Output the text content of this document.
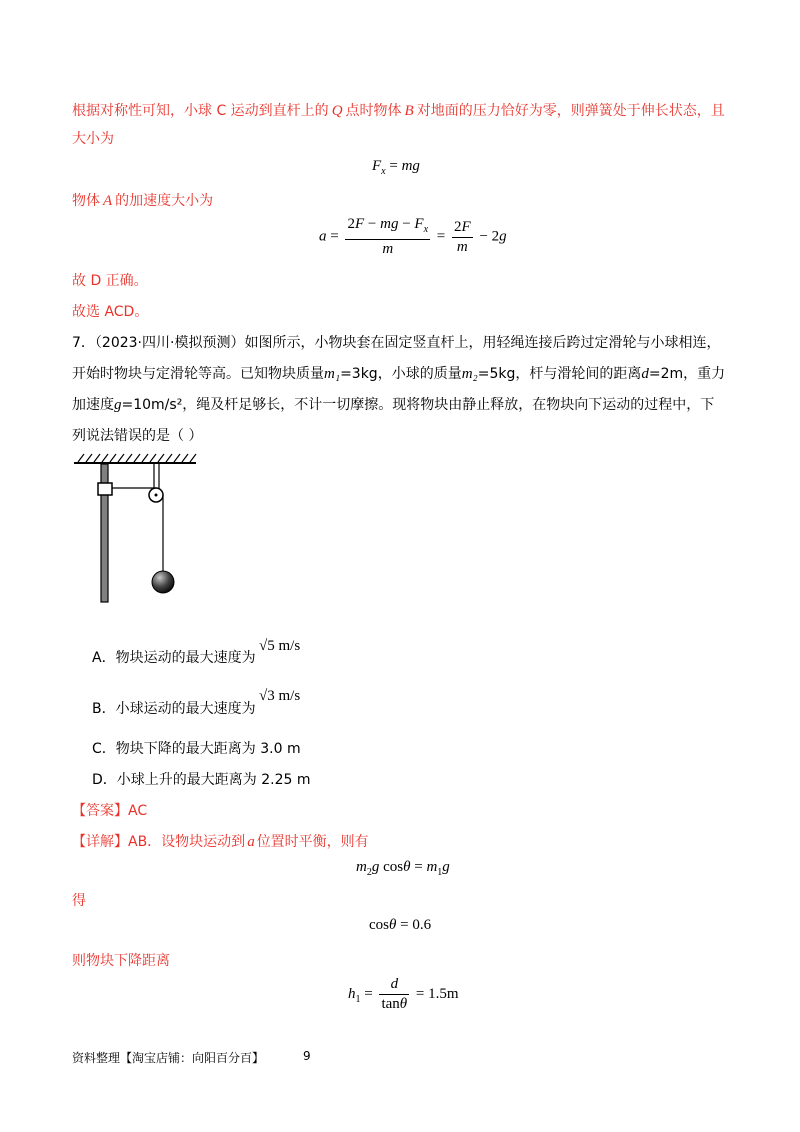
根据对称性可知，小球 C 运动到直杆上的 Q 点时物体 B 对地面的压力恰好为零，则弹簧处于伸长状态，且
大小为
$F_x$ = mg
物体 A 的加速度大小为
$a = \frac{2F - mg - F_x}{m} = \frac{2F}{m} - 2g$
故 D 正确。
故选 ACD。
7．（2023·四川·模拟预测）如图所示，小物块套在固定竖直杆上，用轻绳连接后跨过定滑轮与小球相连，
开始时物块与定滑轮等高。已知物块质量m₁=3kg，小球的质量m₂=5kg，杆与滑轮间的距离d=2m，重力
加速度g=10m/s²，绳及杆足够长，不计一切摩擦。现将物块由静止释放，在物块向下运动的过程中，下
列说法错误的是（ ）
A．物块运动的最大速度为
√5 m/s
B．小球运动的最大速度为
√3 m/s
C．物块下降的最大距离为 3.0 m
D．小球上升的最大距离为 2.25 m
【答案】AC
【详解】AB．设物块运动到 a 位置时平衡，则有
$m_2g$ $\cos\theta = m_1g$
得
cosθ = 0.6
则物块下降距离
$h_1 = \frac{d}{\tan\theta} = 1.5m$
资料整理【淘宝店铺：向阳百分百】	9
